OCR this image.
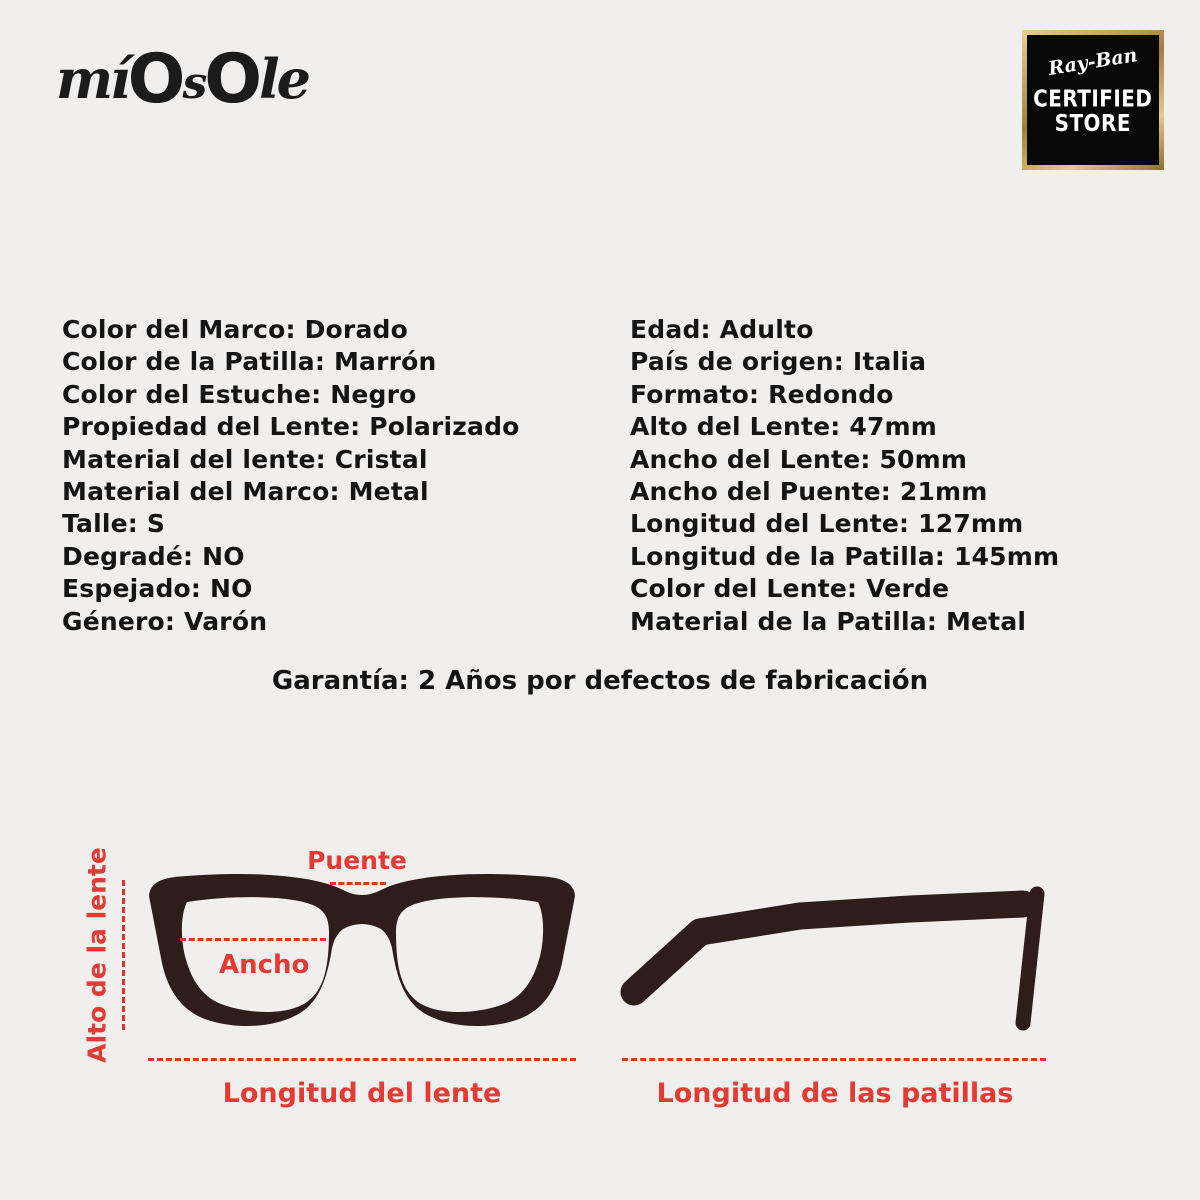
mí O s O le	Ray-Ban
CERTIFIED
STORE
Color del Marco: Dorado
Color de la Patilla: Marrón
Color del Estuche: Negro
Propiedad del Lente: Polarizado
Material del lente: Cristal
Material del Marco: Metal
Talle: S
Degradé: NO
Espejado: NO
Género: Varón
Edad: Adulto
País de origen: Italia
Formato: Redondo
Alto del Lente: 47mm
Ancho del Lente: 50mm
Ancho del Puente: 21mm
Longitud del Lente: 127mm
Longitud de la Patilla: 145mm
Color del Lente: Verde
Material de la Patilla: Metal
Garantía: 2 Años por defectos de fabricación
Puente
Ancho
Alto de la lente
Longitud del lente	Longitud de las patillas
